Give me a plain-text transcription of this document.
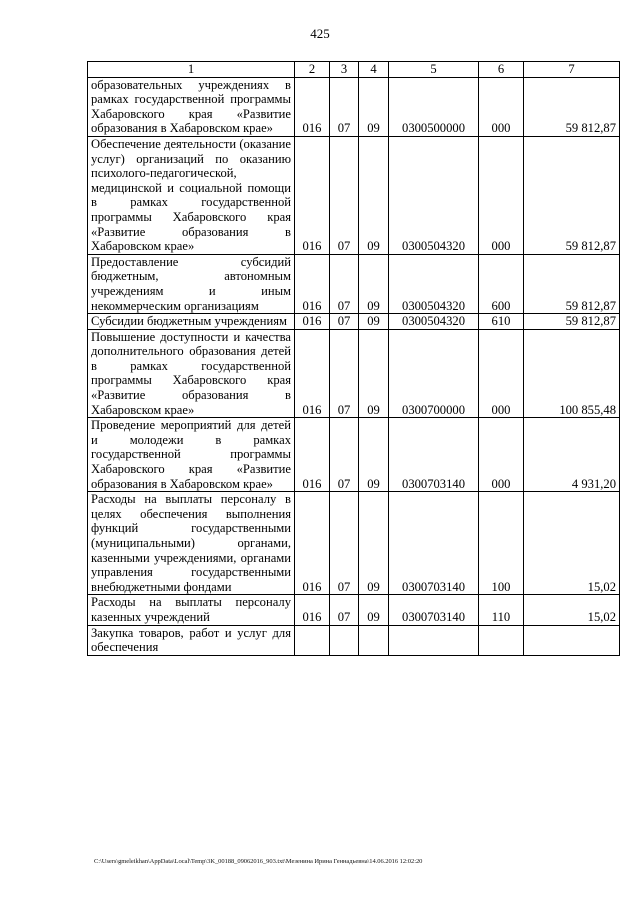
425
1	2	3	4	5	6	7

образовательных учреждениях в рамках государственной программы Хабаровского края «Развитие образования в Хабаровском крае»	016	07	09	0300500000	000	59 812,87

Обеспечение деятельности (оказание услуг) организаций по оказанию психолого-педагогической, медицинской и социальной помощи в рамках государственной программы Хабаровского края «Развитие образования в Хабаровском крае»	016	07	09	0300504320	000	59 812,87

Предоставление субсидий бюджетным, автономным учреждениям и иным некоммерческим организациям	016	07	09	0300504320	600	59 812,87

Субсидии бюджетным учреждениям	016	07	09	0300504320	610	59 812,87

Повышение доступности и качества дополнительного образования детей в рамках государственной программы Хабаровского края «Развитие образования в Хабаровском крае»	016	07	09	0300700000	000	100 855,48

Проведение мероприятий для детей и молодежи в рамках государственной программы Хабаровского края «Развитие образования в Хабаровском крае»	016	07	09	0300703140	000	4 931,20

Расходы на выплаты персоналу в целях обеспечения выполнения функций государственными (муниципальными) органами, казенными учреждениями, органами управления государственными внебюджетными фондами	016	07	09	0300703140	100	15,02

Расходы на выплаты персоналу казенных учреждений	016	07	09	0300703140	110	15,02

Закупка товаров, работ и услуг для обеспечения						

C:\Users\gmeleikhan\AppData\Local\Temp\3K_00188_09062016_903.txt\Мезенина Ирина Геннадьевна\14.06.2016 12:02:20
